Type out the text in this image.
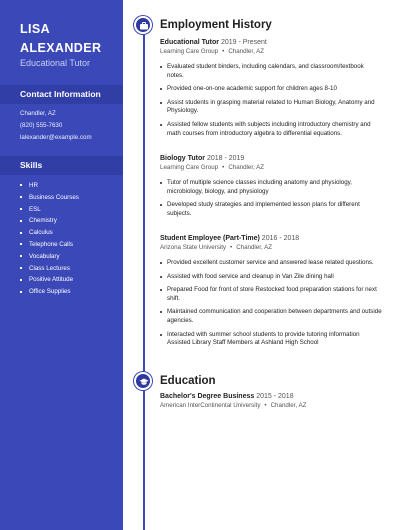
LISA
ALEXANDER
Educational Tutor
Contact Information
Chandler, AZ
(820) 555-7630
lalexander@example.com
Skills
HR
Business Courses
ESL
Chemistry
Calculus
Telephone Calls
Vocabulary
Class Lectures
Positive Attitude
Office Supplies
Employment History
Educational Tutor 2019 - Present
Learning Care Group • Chandler, AZ
Evaluated student binders, including calendars, and classroom/textbook notes.
Provided one-on-one academic support for children ages 8-10
Assist students in grasping material related to Human Biology, Anatomy and Physiology.
Assisted fellow students with subjects including introductory chemistry and math courses from introductory algebra to differential equations.
Biology Tutor 2018 - 2019
Learning Care Group • Chandler, AZ
Tutor of multiple science classes including anatomy and physiology, microbiology, biology, and physiology
Developed study strategies and implemented lesson plans for different subjects.
Student Employee (Part-Time) 2016 - 2018
Arizona State University • Chandler, AZ
Provided excellent customer service and answered lease related questions.
Assisted with food service and cleanup in Van Zile dining hall
Prepared Food for front of store Restocked food preparation stations for next shift.
Maintained communication and cooperation between departments and outside agencies.
Interacted with summer school students to provide tutoring information Assisted Library Staff Members at Ashland High School
Education
Bachelor's Degree Business 2015 - 2018
American InterContinental University • Chandler, AZ
